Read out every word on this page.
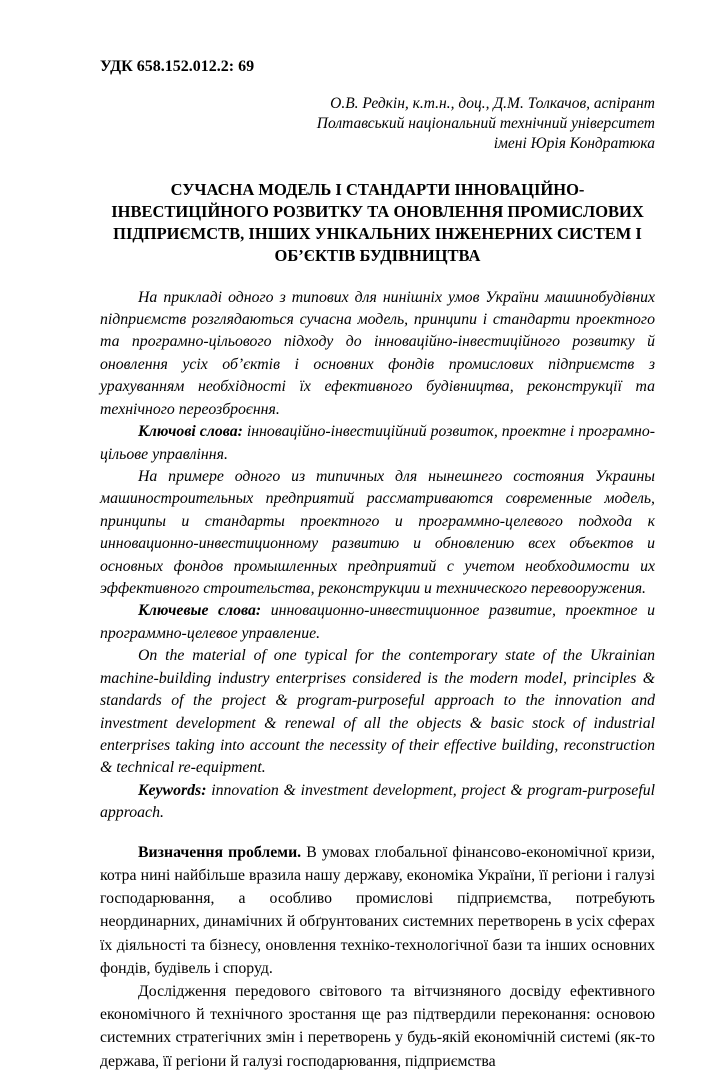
УДК 658.152.012.2: 69

О.В. Редкін, к.т.н., доц., Д.М. Толкачов, аспірант
Полтавський національний технічний університет
імені Юрія Кондратюка
СУЧАСНА МОДЕЛЬ І СТАНДАРТИ ІННОВАЦІЙНО-ІНВЕСТИЦІЙНОГО РОЗВИТКУ ТА ОНОВЛЕННЯ ПРОМИСЛОВИХ ПІДПРИЄМСТВ, ІНШИХ УНІКАЛЬНИХ ІНЖЕНЕРНИХ СИСТЕМ І ОБ’ЄКТІВ БУДІВНИЦТВА

На прикладі одного з типових для нинішніх умов України машинобудівних підприємств розглядаються сучасна модель, принципи і стандарти проектного та програмно-цільового підходу до інноваційно-інвестиційного розвитку й оновлення усіх об’єктів і основних фондів промислових підприємств з урахуванням необхідності їх ефективного будівництва, реконструкції та технічного переозброєння.

Ключові слова: інноваційно-інвестиційний розвиток, проектне і програмно-цільове управління.

На примере одного из типичных для нынешнего состояния Украины машиностроительных предприятий рассматриваются современные модель, принципы и стандарты проектного и программно-целевого подхода к инновационно-инвестиционному развитию и обновлению всех объектов и основных фондов промышленных предприятий с учетом необходимости их эффективного строительства, реконструкции и технического перевооружения.

Ключевые слова: инновационно-инвестиционное развитие, проектное и программно-целевое управление.

On the material of one typical for the contemporary state of the Ukrainian machine-building industry enterprises considered is the modern model, principles & standards of the project & program-purposeful approach to the innovation and investment development & renewal of all the objects & basic stock of industrial enterprises taking into account the necessity of their effective building, reconstruction & technical re-equipment.

Keywords: innovation & investment development, project & program-purposeful approach.

Визначення проблеми. В умовах глобальної фінансово-економічної кризи, котра нині найбільше вразила нашу державу, економіка України, її регіони і галузі господарювання, а особливо промислові підприємства, потребують неординарних, динамічних й обґрунтованих системних перетворень в усіх сферах їх діяльності та бізнесу, оновлення техніко-технологічної бази та інших основних фондів, будівель і споруд.

Дослідження передового світового та вітчизняного досвіду ефективного економічного й технічного зростання ще раз підтвердили переконання: основою системних стратегічних змін і перетворень у будь-якій економічній системі (як-то держава, її регіони й галузі господарювання, підприємства
